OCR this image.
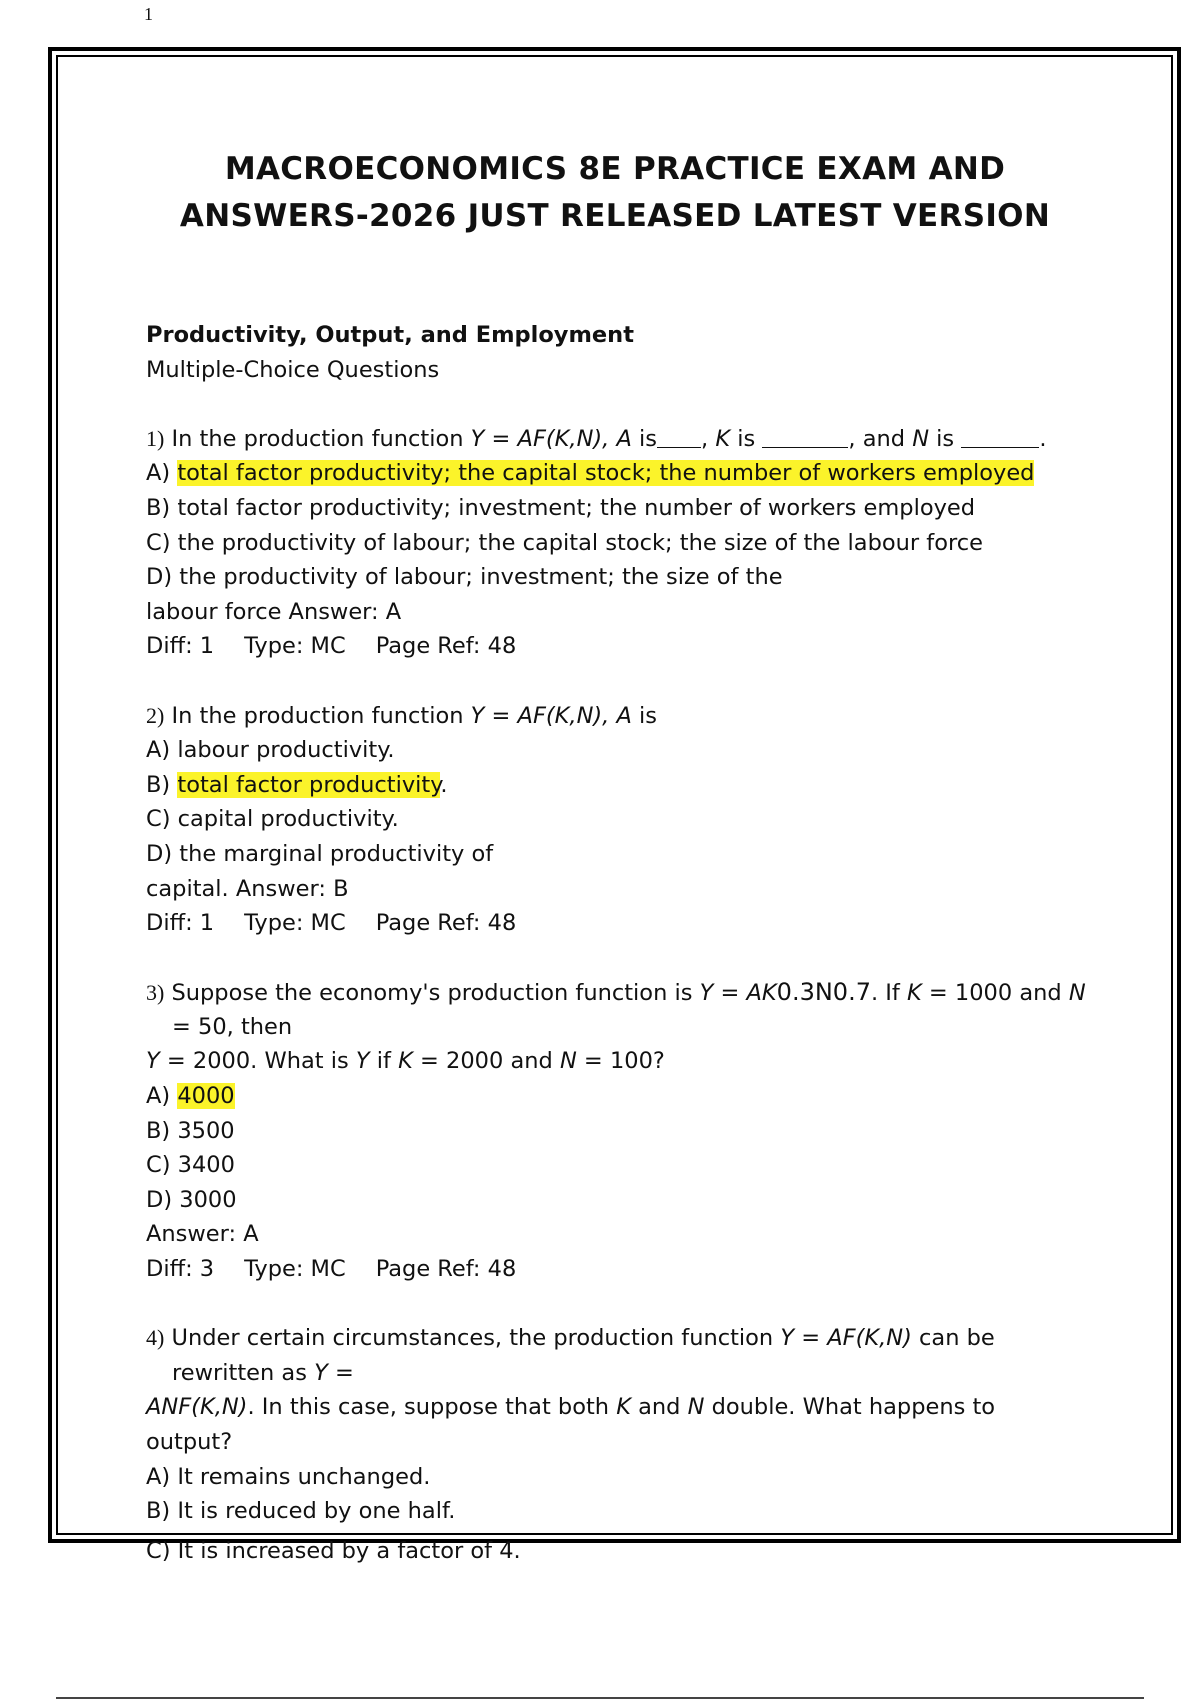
1
MACROECONOMICS 8E PRACTICE EXAM AND
ANSWERS-2026 JUST RELEASED LATEST VERSION
Productivity, Output, and Employment
Multiple-Choice Questions
1) In the production function Y = AF(K,N), A is , K is	, and N is	.
A) total factor productivity; the capital stock; the number of workers employed
B) total factor productivity; investment; the number of workers employed
C) the productivity of labour; the capital stock; the size of the labour force
D) the productivity of labour; investment; the size of the
labour force Answer: A
Diff: 1 Type: MC Page Ref: 48
2) In the production function Y = AF(K,N), A is
A) labour productivity.
B) total factor productivity.
C) capital productivity.
D) the marginal productivity of
capital. Answer: B
Diff: 1 Type: MC Page Ref: 48
3) Suppose the economy's production function is Y = AK0.3N0.7. If K = 1000 and N
= 50, then
Y = 2000. What is Y if K = 2000 and N = 100?
A) 4000
B) 3500
C) 3400
D) 3000
Answer: A
Diff: 3 Type: MC Page Ref: 48
4) Under certain circumstances, the production function Y = AF(K,N) can be
rewritten as Y =
ANF(K,N). In this case, suppose that both K and N double. What happens to
output?
A) It remains unchanged.
B) It is reduced by one half.
C) It is increased by a factor of 4.
